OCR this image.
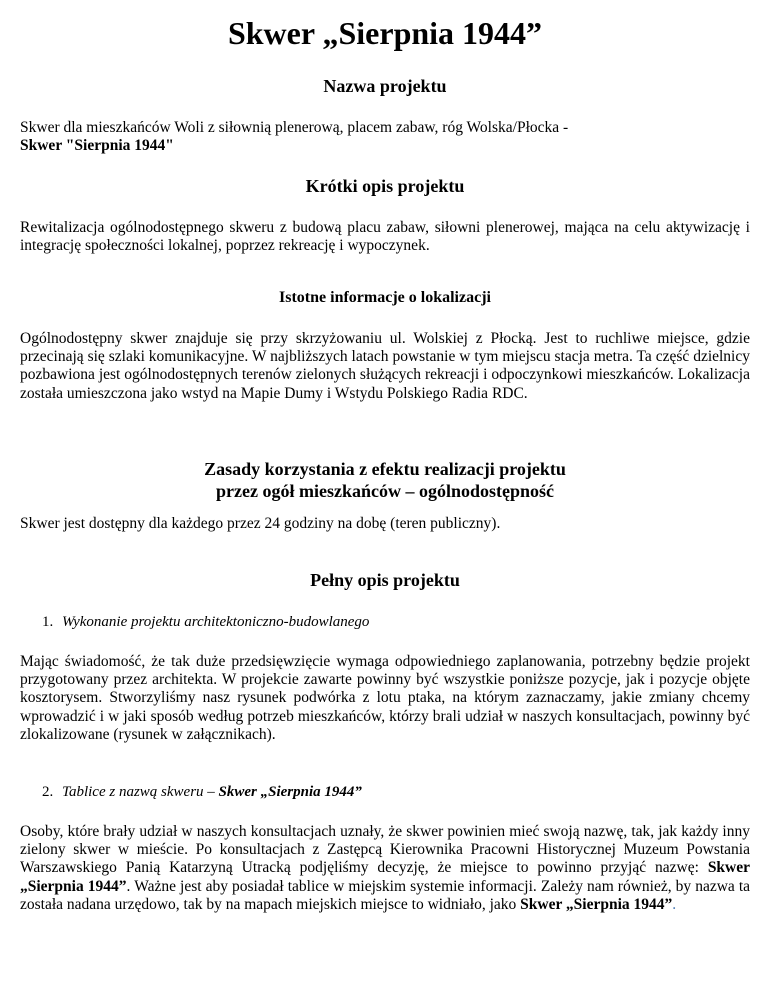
Skwer „Sierpnia 1944”
Nazwa projektu

Skwer dla mieszkańców Woli z siłownią plenerową, placem zabaw, róg Wolska/Płocka -

Skwer "Sierpnia 1944"

Krótki opis projektu

Rewitalizacja ogólnodostępnego skweru z budową placu zabaw, siłowni plenerowej, mająca na celu aktywizację i integrację społeczności lokalnej, poprzez rekreację i wypoczynek.

Istotne informacje o lokalizacji

Ogólnodostępny skwer znajduje się przy skrzyżowaniu ul. Wolskiej z Płocką. Jest to ruchliwe miejsce, gdzie przecinają się szlaki komunikacyjne. W najbliższych latach powstanie w tym miejscu stacja metra. Ta część dzielnicy pozbawiona jest ogólnodostępnych terenów zielonych służących rekreacji i odpoczynkowi mieszkańców. Lokalizacja została umieszczona jako wstyd na Mapie Dumy i Wstydu Polskiego Radia RDC.

Zasady korzystania z efektu realizacji projektu
przez ogół mieszkańców – ogólnodostępność

Skwer jest dostępny dla każdego przez 24 godziny na dobę (teren publiczny).

Pełny opis projektu
1. Wykonanie projektu architektoniczno-budowlanego

Mając świadomość, że tak duże przedsięwzięcie wymaga odpowiedniego zaplanowania, potrzebny będzie projekt przygotowany przez architekta. W projekcie zawarte powinny być wszystkie poniższe pozycje, jak i pozycje objęte kosztorysem. Stworzyliśmy nasz rysunek podwórka z lotu ptaka, na którym zaznaczamy, jakie zmiany chcemy wprowadzić i w jaki sposób według potrzeb mieszkańców, którzy brali udział w naszych konsultacjach, powinny być zlokalizowane (rysunek w załącznikach).

2. Tablice z nazwą skweru – Skwer „Sierpnia 1944”

Osoby, które brały udział w naszych konsultacjach uznały, że skwer powinien mieć swoją nazwę, tak, jak każdy inny zielony skwer w mieście. Po konsultacjach z Zastępcą Kierownika Pracowni Historycznej Muzeum Powstania Warszawskiego Panią Katarzyną Utracką podjęliśmy decyzję, że miejsce to powinno przyjąć nazwę: Skwer „Sierpnia 1944”. Ważne jest aby posiadał tablice w miejskim systemie informacji. Zależy nam również, by nazwa ta została nadana urzędowo, tak by na mapach miejskich miejsce to widniało, jako Skwer „Sierpnia 1944”.
